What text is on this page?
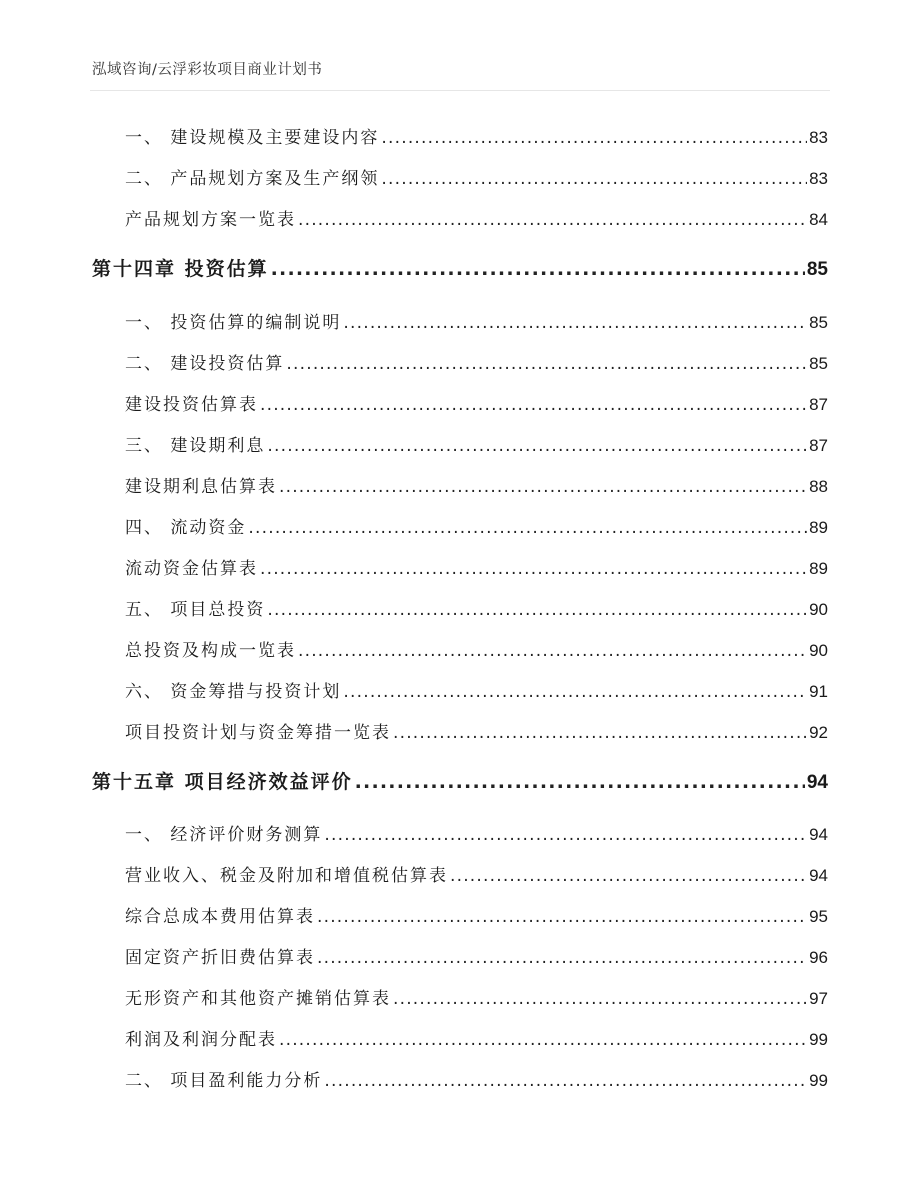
泓域咨询/云浮彩妆项目商业计划书
一、 建设规模及主要建设内容 .....	83
二、 产品规划方案及生产纲领 .....	83
产品规划方案一览表 .....	84
第十四章 投资估算 .....	85
一、 投资估算的编制说明 .....	85
二、 建设投资估算 .....	85
建设投资估算表 .....	87
三、 建设期利息 .....	87
建设期利息估算表 .....	88
四、 流动资金 .....	89
流动资金估算表 .....	89
五、 项目总投资 .....	90
总投资及构成一览表 .....	90
六、 资金筹措与投资计划 .....	91
项目投资计划与资金筹措一览表 .....	92
第十五章 项目经济效益评价 .....	94
一、 经济评价财务测算 .....	94
营业收入、税金及附加和增值税估算表 .....	94
综合总成本费用估算表 .....	95
固定资产折旧费估算表 .....	96
无形资产和其他资产摊销估算表 .....	97
利润及利润分配表 .....	99
二、 项目盈利能力分析 .....	99
